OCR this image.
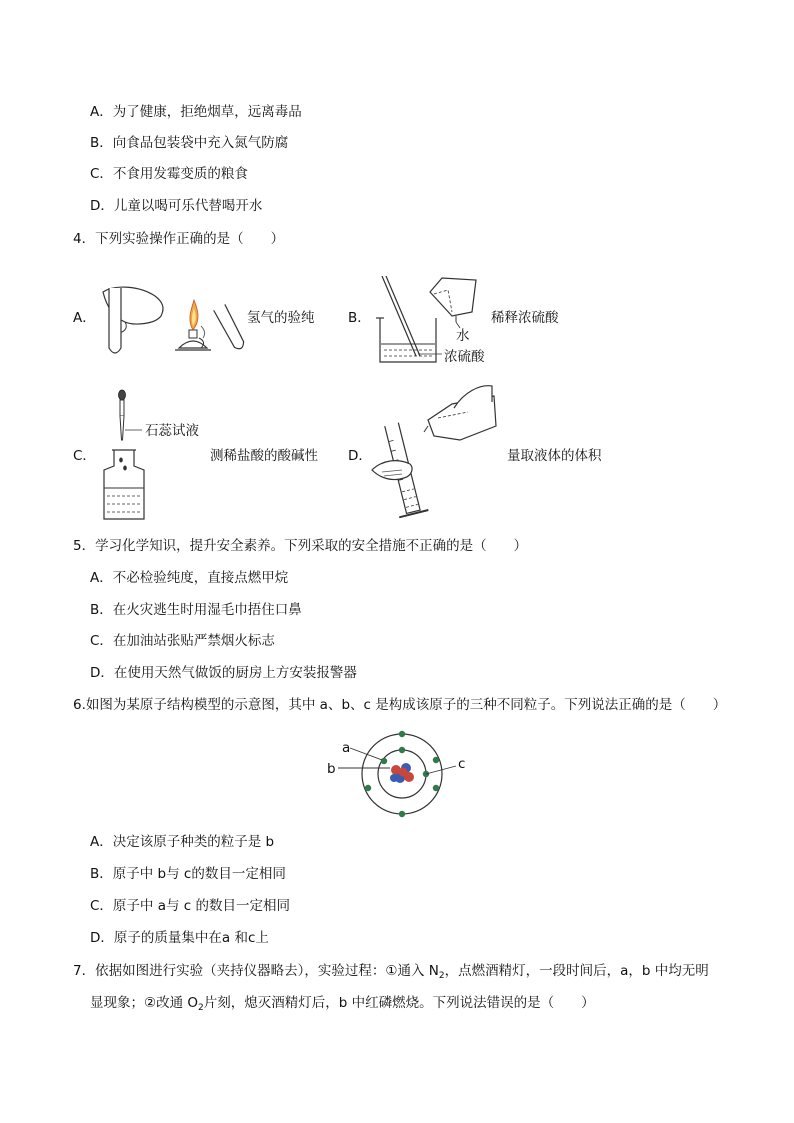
A．为了健康，拒绝烟草，远离毒品
B．向食品包装袋中充入氮气防腐
C．不食用发霉变质的粮食
D．儿童以喝可乐代替喝开水
4．下列实验操作正确的是（　　）
A．	氢气的验纯 B．
水
浓硫酸
稀释浓硫酸
C．
石蕊试液
测稀盐酸的酸碱性 D．	量取液体的体积
5．学习化学知识，提升安全素养。下列采取的安全措施不正确的是（　　）
A．不必检验纯度，直接点燃甲烷
B．在火灾逃生时用湿毛巾捂住口鼻
C．在加油站张贴严禁烟火标志
D．在使用天然气做饭的厨房上方安装报警器
6.如图为某原子结构模型的示意图，其中 a、b、c 是构成该原子的三种不同粒子。下列说法正确的是（　　）
a
b	c
A．决定该原子种类的粒子是 b
B．原子中 b与 c的数目一定相同
C．原子中 a与 c 的数目一定相同
D．原子的质量集中在a 和c上
7．依据如图进行实验（夹持仪器略去），实验过程：①通入 $N_2$，点燃酒精灯，一段时间后，a，b 中均无明
显现象；②改通 $O_2$片刻，熄灭酒精灯后，b 中红磷燃烧。下列说法错误的是（　　）
